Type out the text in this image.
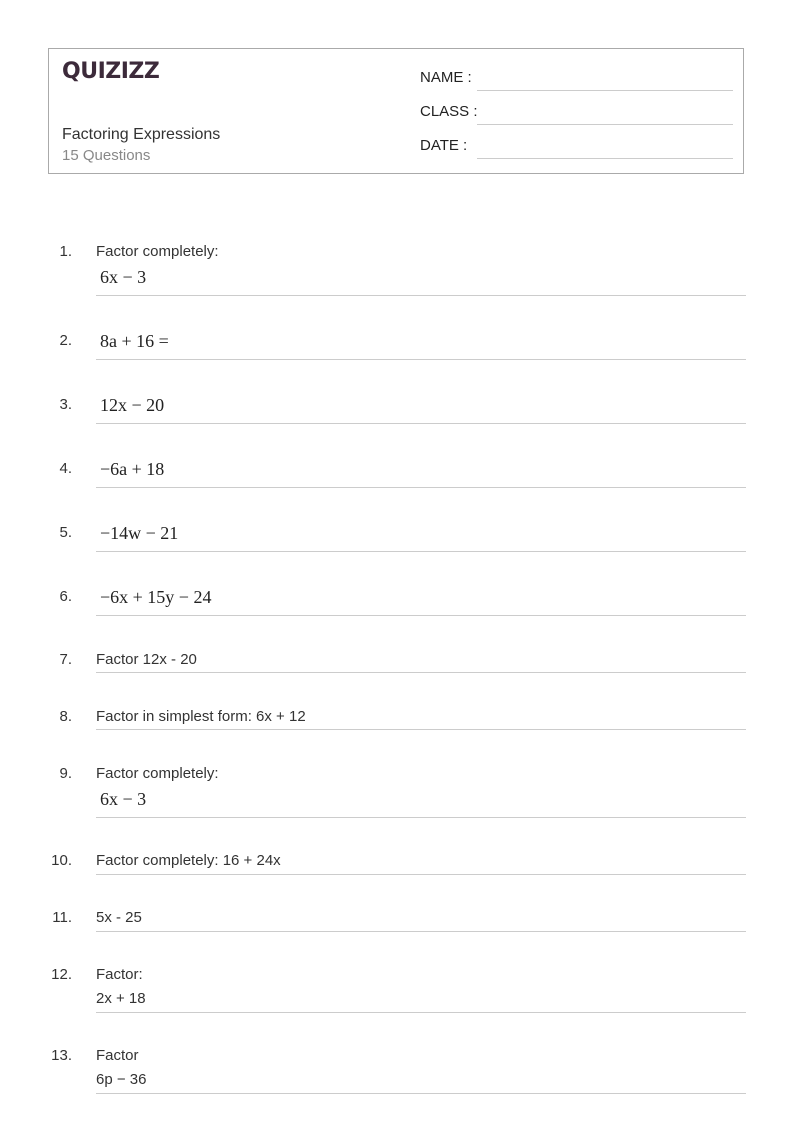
QUIZIZZ
Factoring Expressions
15 Questions
NAME :
CLASS :
DATE :
1. Factor completely:
6x − 3
2. 8a + 16 =
3. 12x − 20
4. −6a + 18
5. −14w − 21
6. −6x + 15y − 24
7. Factor 12x - 20
8. Factor in simplest form: 6x + 12
9. Factor completely:
6x − 3
10. Factor completely: 16 + 24x
11. 5x - 25
12. Factor:
2x + 18
13. Factor
6p − 36
